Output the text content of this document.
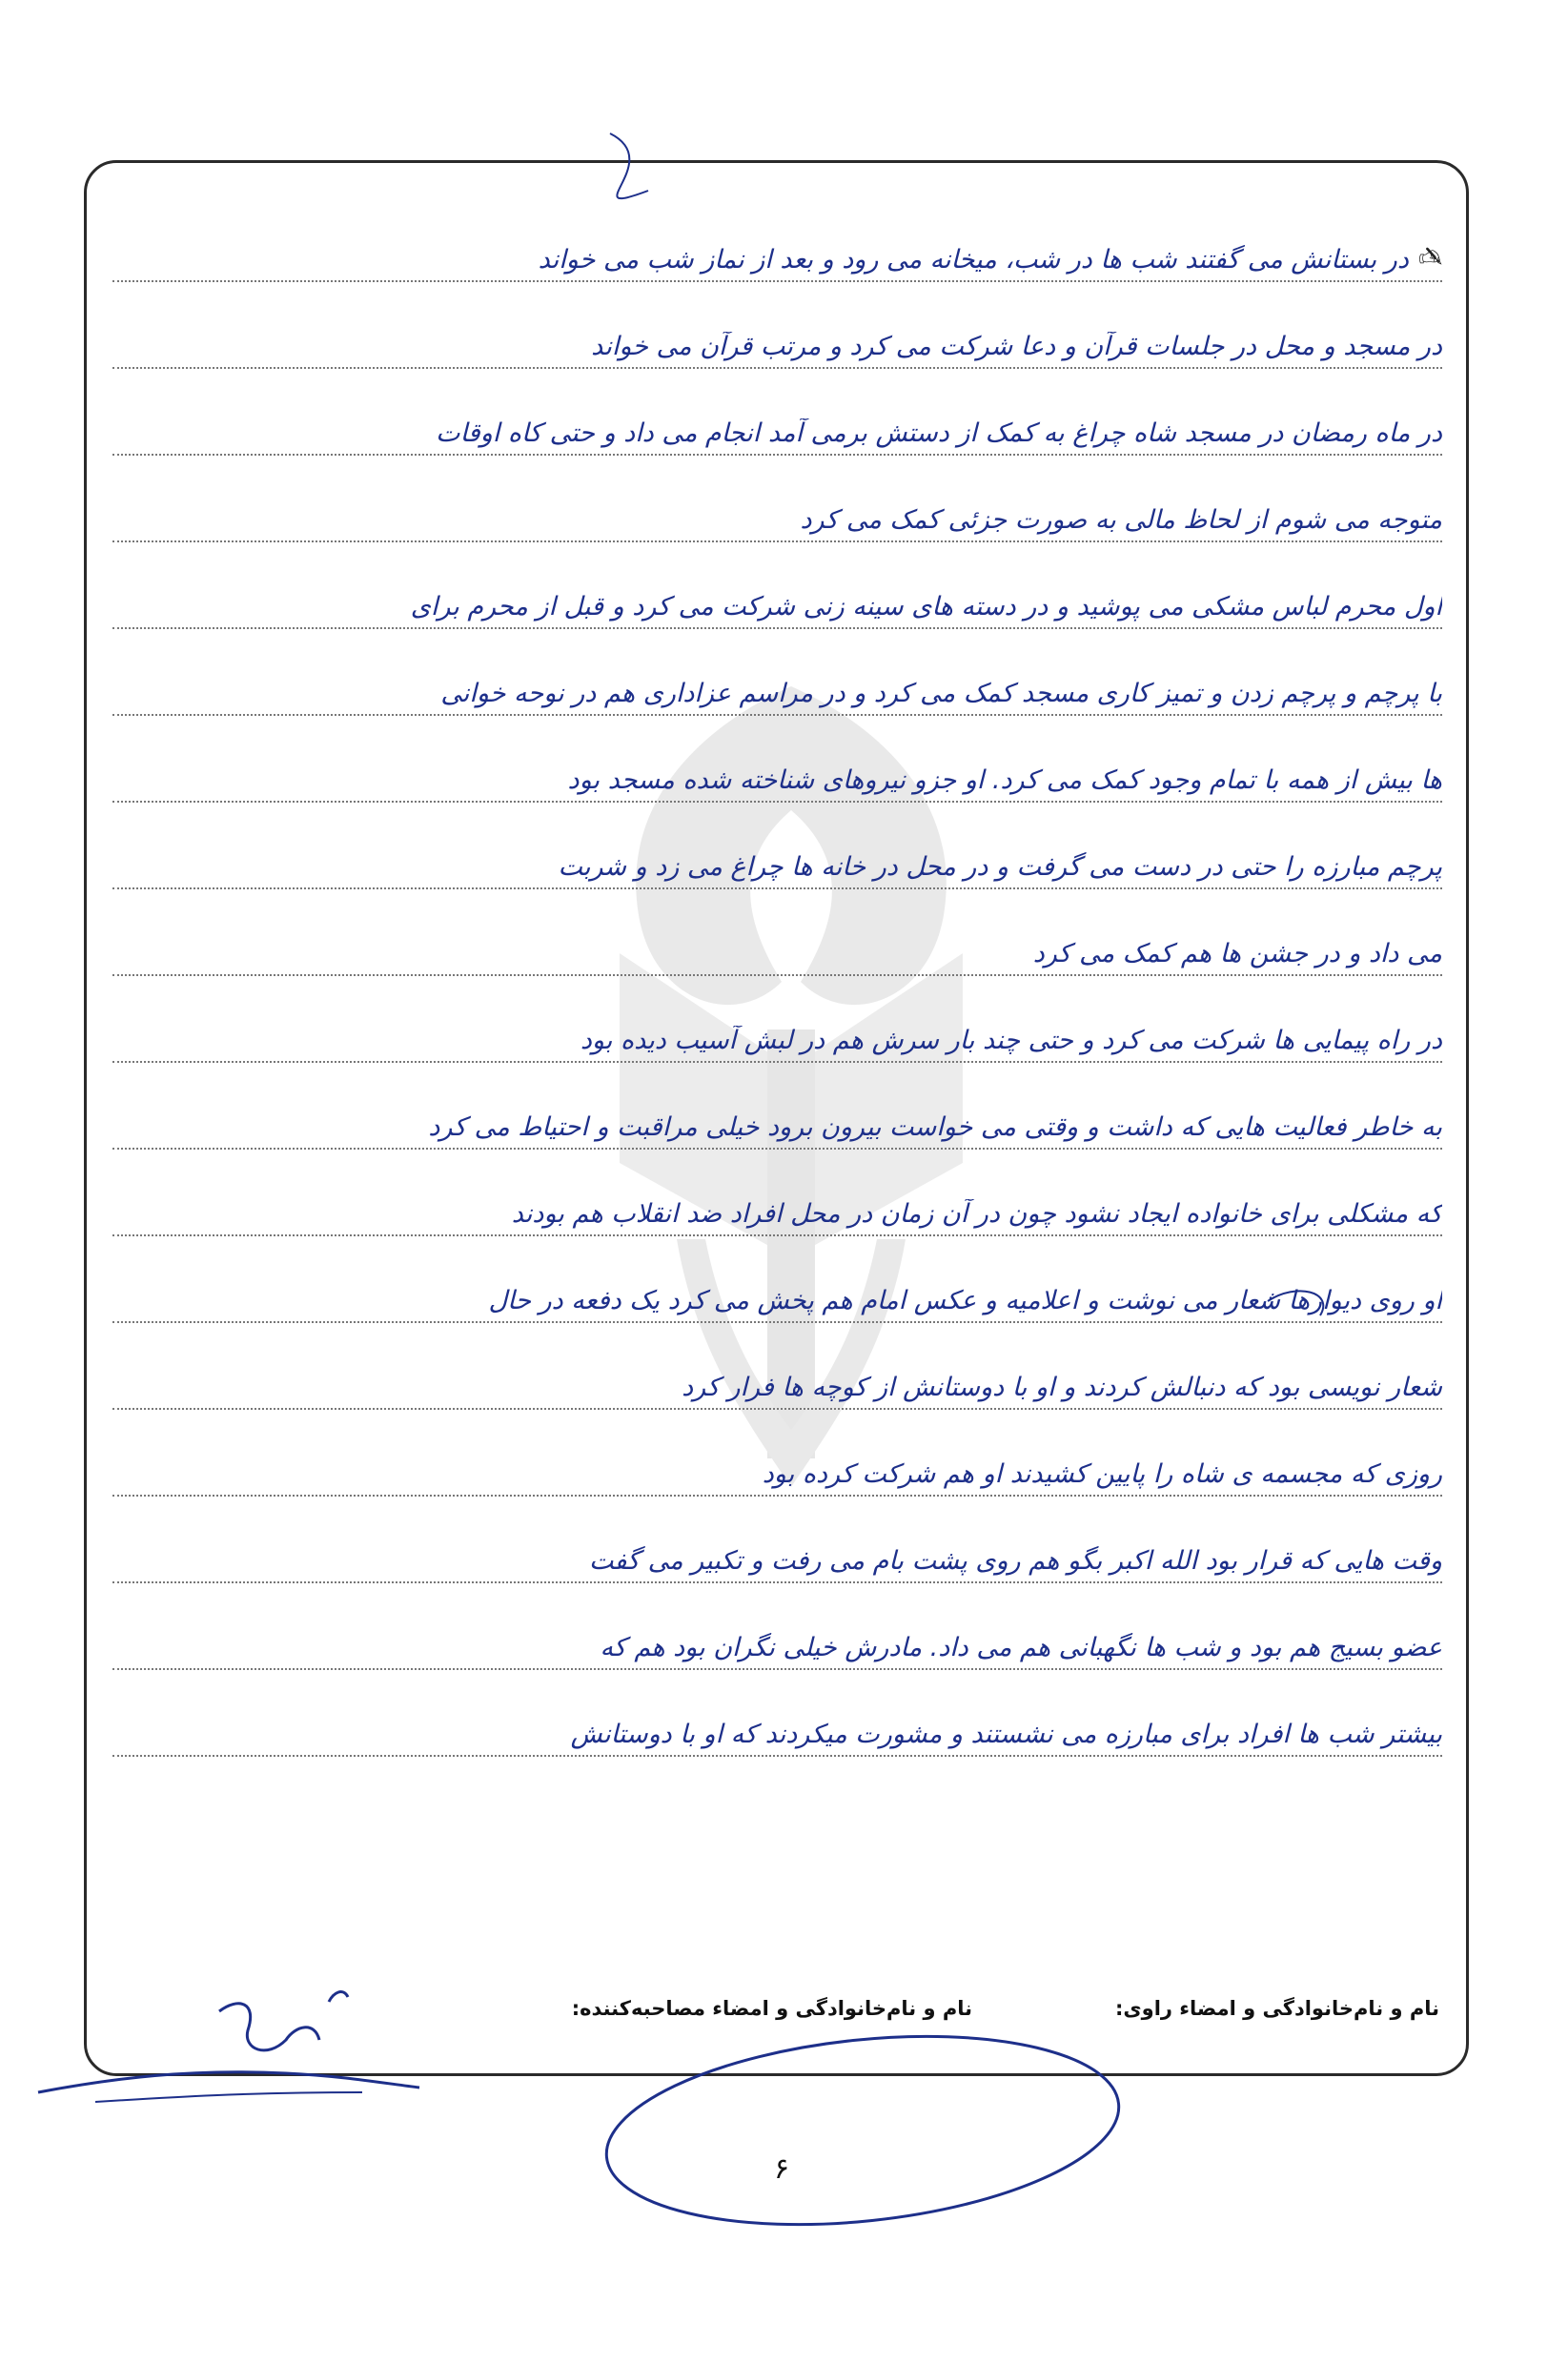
✍
در بستانش می گفتند شب ها در شب، میخانه می رود و بعد از نماز شب می خواند
در مسجد و محل در جلسات قرآن و دعا شرکت می کرد و مرتب قرآن می خواند
در ماه رمضان در مسجد شاه چراغ به کمک از دستش برمی آمد انجام می داد و حتی کاه اوقات
متوجه می شوم از لحاظ مالی به صورت جزئی کمک می کرد
اول محرم لباس مشکی می پوشید و در دسته های سینه زنی شرکت می کرد و قبل از محرم برای
با پرچم و پرچم زدن و تمیز کاری مسجد کمک می کرد و در مراسم عزاداری هم در نوحه خوانی
ها بیش از همه با تمام وجود کمک می کرد. او جزو نیروهای شناخته شده مسجد بود
پرچم مبارزه را حتی در دست می گرفت و در محل در خانه ها چراغ می زد و شربت
می داد و در جشن ها هم کمک می کرد
در راه پیمایی ها شرکت می کرد و حتی چند بار سرش هم در لبش آسیب دیده بود
به خاطر فعالیت هایی که داشت و وقتی می خواست بیرون برود خیلی مراقبت و احتیاط می کرد
که مشکلی برای خانواده ایجاد نشود چون در آن زمان در محل افراد ضد انقلاب هم بودند
او روی دیوارها شعار می نوشت و اعلامیه و عکس امام هم پخش می کرد یک دفعه در حال
شعار نویسی بود که دنبالش کردند و او با دوستانش از کوچه ها فرار کرد
روزی که مجسمه ی شاه را پایین کشیدند او هم شرکت کرده بود
وقت هایی که قرار بود الله اکبر بگو هم روی پشت بام می رفت و تکبیر می گفت
عضو بسیج هم بود و شب ها نگهبانی هم می داد. مادرش خیلی نگران بود هم که
بیشتر شب ها افراد برای مبارزه می نشستند و مشورت میکردند که او با دوستانش
نام و نام‌خانوادگی و امضاء راوی:
نام و نام‌خانوادگی و امضاء مصاحبه‌کننده:
۶
